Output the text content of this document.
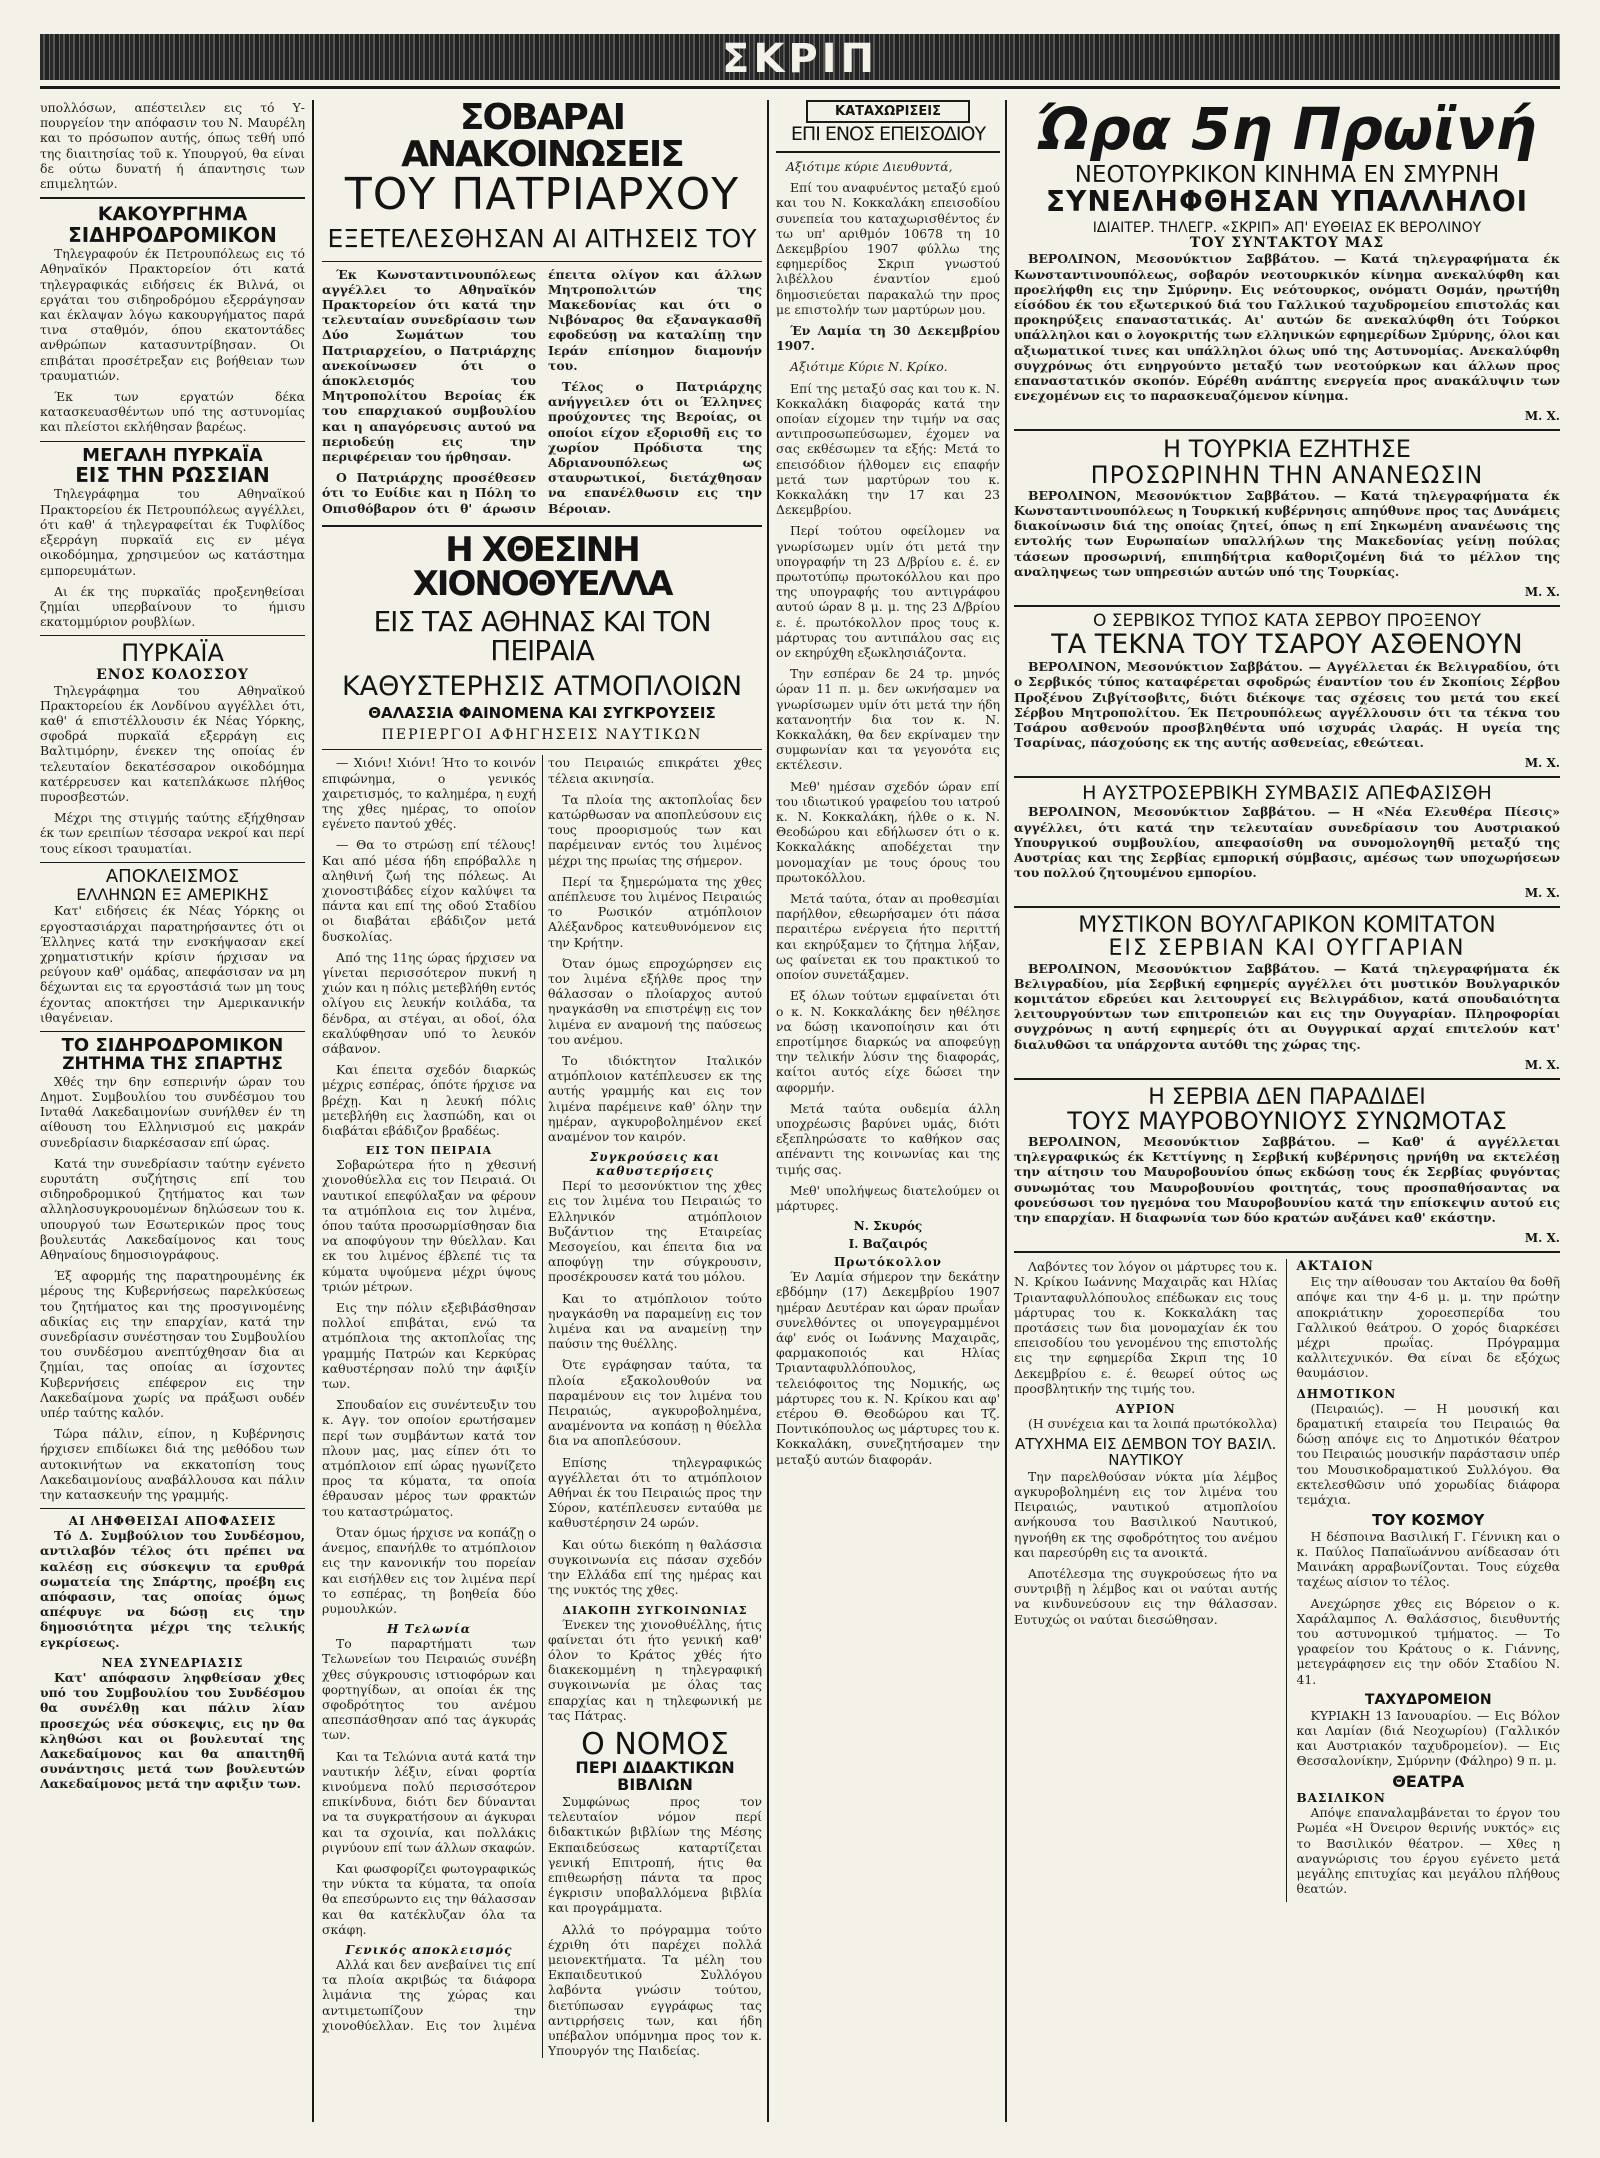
ΣΚΡΙΠ

υπολλόσων, απέστειλεν εις τό Υ-πουργείον την απόφασιν του Ν. Μαυρέλη και το πρόσωπον αυτής, όπως τεθή υπό της διαιτησίας τοῦ κ. Υπουργού, θα είναι δε ούτω δυνατή ή άπαντησις των επιμελητών.

ΚΑΚΟΥΡΓΗΜΑ
ΣΙΔΗΡΟΔΡΟΜΙΚΟΝ

Τηλεγραφούν έκ Πετρουπόλεως εις τό Αθηναϊκόν Πρακτορείον ότι κατά τηλεγραφικάς ειδήσεις έκ Βιλνά, οι εργάται του σιδηροδρόμου εξερράγησαν και έκλαψαν λόγω κακουργήματος παρά τινα σταθμόν, όπου εκατοντάδες ανθρώπων κατασυντρίβησαν. Οι επιβάται προσέτρεξαν εις βοήθειαν των τραυματιών.

Έκ των εργατών δέκα κατασκευασθέντων υπό της αστυνομίας και πλείστοι εκλήθησαν βαρέως.

ΜΕΓΑΛΗ ΠΥΡΚΑΪΑ
ΕΙΣ ΤΗΝ ΡΩΣΣΙΑΝ

Τηλεγράφημα του Αθηναϊκού Πρακτορείου έκ Πετρουπόλεως αγγέλλει, ότι καθ' ά τηλεγραφείται έκ Τυφλίδος εξερράγη πυρκαϊά εις εν μέγα οικοδόμημα, χρησιμεύον ως κατάστημα εμπορευμάτων.

Αι έκ της πυρκαϊάς προξενηθείσαι ζημίαι υπερβαίνουν το ήμισυ εκατομμύριον ρουβλίων.

ΠΥΡΚΑΪΑ
ΕΝΟΣ ΚΟΛΟΣΣΟΥ

Τηλεγράφημα του Αθηναϊκού Πρακτορείου έκ Λονδίνου αγγέλλει ότι, καθ' ά επιστέλλουσιν έκ Νέας Υόρκης, σφοδρά πυρκαϊά εξερράγη εις Βαλτιμόρην, ένεκεν της οποίας έν τελευταίον δεκατέσσαρον οικοδόμημα κατέρρευσεν και κατεπλάκωσε πλήθος πυροσβεστών.

Μέχρι της στιγμής ταύτης εξήχθησαν έκ των ερειπίων τέσσαρα νεκροί και περί τους είκοσι τραυματίαι.

ΑΠΟΚΛΕΙΣΜΟΣ
ΕΛΛΗΝΩΝ ΕΞ ΑΜΕΡΙΚΗΣ

Κατ' ειδήσεις έκ Νέας Υόρκης οι εργοστασιάρχαι παρατηρήσαντες ότι οι Έλληνες κατά την ενσκήψασαν εκεί χρηματιστικήν κρίσιν ήρχισαν να ρεύγουν καθ' ομάδας, απεφάσισαν να μη δέχωνται εις τα εργοστάσιά των μη τους έχοντας αποκτήσει την Αμερικανικήν ιθαγένειαν.

ΤΟ ΣΙΔΗΡΟΔΡΟΜΙΚΟΝ
ΖΗΤΗΜΑ ΤΗΣ ΣΠΑΡΤΗΣ

Χθές την 6ην εσπερινήν ώραν του Δημοτ. Συμβουλίου του συνδέσμου του Ινταθά Λακεδαιμονίων συνήλθεν έν τη αίθουση του Ελληνισμού εις μακράν συνεδρίασιν διαρκέσασαν επί ώρας.

Κατά την συνεδρίασιν ταύτην εγένετο ευρυτάτη συζήτησις επί του σιδηροδρομικού ζητήματος και των αλληλοσυγκρουομένων δηλώσεων του κ. υπουργού των Εσωτερικών προς τους βουλευτάς Λακεδαίμονος και τους Αθηναίους δημοσιογράφους.

Έξ αφορμής της παρατηρουμένης έκ μέρους της Κυβερνήσεως παρελκύσεως του ζητήματος και της προσγινομένης αδικίας εις την επαρχίαν, κατά την συνεδρίασιν συνέστησαν του Συμβουλίου του συνδέσμου ανεπτύχθησαν δια αι ζημίαι, τας οποίας αι ίσχοντες Κυβερνήσεις επέφερον εις την Λακεδαίμονα χωρίς να πράξωσι ουδέν υπέρ ταύτης καλόν.

Τώρα πάλιν, είπον, η Κυβέρνησις ήρχισεν επιδίωκει διά της μεθόδου των αυτοκινήτων να εκκατοπίση τους Λακεδαιμονίους αναβάλλουσα και πάλιν την κατασκευήν της γραμμής.

ΑΙ ΛΗΦΘΕΙΣΑΙ ΑΠΟΦΑΣΕΙΣ

Τό Δ. Συμβούλιον του Συνδέσμου, αντιλαβόν τέλος ότι πρέπει να καλέσῃ εις σύσκεψιν τα ερυθρά σωματεία της Σπάρτης, προέβη εις απόφασιν, τας οποίας όμως απέφυγε να δώσῃ εις την δημοσιότητα μέχρι της τελικής εγκρίσεως.

ΝΕΑ ΣΥΝΕΔΡΙΑΣΙΣ

Κατ' απόφασιν ληφθείσαν χθες υπό του Συμβουλίου του Συνδέσμου θα συνέλθῃ και πάλιν λίαν προσεχώς νέα σύσκεψις, εις ην θα κληθώσι και οι βουλευταί της Λακεδαίμονος και θα απαιτηθῆ συνάντησις μετά των βουλευτών Λακεδαίμονος μετά την αφιξιν των.

ΣΟΒΑΡΑΙ ΑΝΑΚΟΙΝΩΣΕΙΣ
ΤΟΥ ΠΑΤΡΙΑΡΧΟΥ
ΕΞΕΤΕΛΕΣΘΗΣΑΝ ΑΙ ΑΙΤΗΣΕΙΣ ΤΟΥ

Έκ Κωνσταντινουπόλεως αγγέλλει το Αθηναϊκόν Πρακτορείον ότι κατά την τελευταίαν συνεδρίασιν των Δύο Σωμάτων του Πατριαρχείου, ο Πατριάρχης ανεκοίνωσεν ότι ο άποκλεισμός του Μητροπολίτου Βεροίας έκ του επαρχιακού συμβουλίου και η απαγόρευσις αυτού να περιοδεύῃ εις την περιφέρειαν του ήρθησαν.

Ο Πατριάρχης προσέθεσεν ότι το Ευίδιε και η Πόλη το Οπισθόβαρον ότι θ' άρωσιν έπειτα ολίγον και άλλων Μητροπολιτών της Μακεδονίας και ότι ο Νιβόναρος θα εξαναγκασθῆ εφοδεύσῃ να καταλίπῃ την Ιεράν επίσημον διαμονήν του.

Τέλος ο Πατριάρχης ανήγγειλεν ότι οι Έλληνες προύχοντες της Βεροίας, οι οποίοι είχον εξορισθῆ εις το χωρίον Πρόδιστα της Αδριανουπόλεως ως σταυρωτικοί, διετάχθησαν να επανέλθωσιν εις την Βέροιαν.

Η ΧΘΕΣΙΝΗ ΧΙΟΝΟΘΥΕΛΛΑ
ΕΙΣ ΤΑΣ ΑΘΗΝΑΣ ΚΑΙ ΤΟΝ ΠΕΙΡΑΙΑ
ΚΑΘΥΣΤΕΡΗΣΙΣ ΑΤΜΟΠΛΟΙΩΝ
ΘΑΛΑΣΣΙΑ ΦΑΙΝΟΜΕΝΑ ΚΑΙ ΣΥΓΚΡΟΥΣΕΙΣ
ΠΕΡΙΕΡΓΟΙ ΑΦΗΓΗΣΕΙΣ ΝΑΥΤΙΚΩΝ

— Χιόνι! Χιόνι! Ήτο το κοινόν επιφώνημα, ο γενικός χαιρετισμός, το καλημέρα, η ευχή της χθες ημέρας, το οποίον εγένετο παντού χθές.

— Θα το στρώσῃ επί τέλους! Και από μέσα ήδη επρόβαλλε η αληθινή ζωή της πόλεως. Αι χιονοστιβάδες είχον καλύψει τα πάντα και επί της οδού Σταδίου οι διαβάται εβάδιζον μετά δυσκολίας.

Από της 11ης ώρας ήρχισεν να γίνεται περισσότερον πυκνή η χιών και η πόλις μετεβλήθη εντός ολίγου εις λευκήν κοιλάδα, τα δένδρα, αι στέγαι, αι οδοί, όλα εκαλύφθησαν υπό το λευκόν σάβανον.

Και έπειτα σχεδόν διαρκώς μέχρις εσπέρας, όπότε ήρχισε να βρέχῃ. Και η λευκή πόλις μετεβλήθη εις λασπώδη, και οι διαβάται εβάδιζον βραδέως.

ΕΙΣ ΤΟΝ ΠΕΙΡΑΙΑ

Σοβαρώτερα ήτο η χθεσινή χιονοθύελλα εις τον Πειραιά. Οι ναυτικοί επεφύλαξαν να φέρουν τα ατμόπλοια εις τον λιμένα, όπου ταύτα προσωρμίσθησαν δια να αποφύγουν την θύελλαν. Και εκ του λιμένος έβλεπέ τις τα κύματα υψούμενα μέχρι ύψους τριών μέτρων.

Εις την πόλιν εξεβιβάσθησαν πολλοί επιβάται, ενώ τα ατμόπλοια της ακτοπλοΐας της γραμμής Πατρών και Κερκύρας καθυστέρησαν πολύ την άφιξίν των.

Σπουδαίον εις συνέντευξιν του κ. Αγγ. τον οποίον ερωτήσαμεν περί των συμβάντων κατά τον πλουν μας, μας είπεν ότι το ατμόπλοιον επί ώρας ηγωνίζετο προς τα κύματα, τα οποία έθραυσαν μέρος των φρακτών του καταστρώματος.

Όταν όμως ήρχισε να κοπάζῃ ο άνεμος, επανήλθε το ατμόπλοιον εις την κανονικήν του πορείαν και εισήλθεν εις τον λιμένα περί το εσπέρας, τη βοηθεία δύο ρυμουλκών.

Η Τελωνία

Το παραρτήματι των Τελωνείων του Πειραιώς συνέβη χθες σύγκρουσις ιστιοφόρων και φορτηγίδων, αι οποίαι έκ της σφοδρότητος του ανέμου απεσπάσθησαν από τας άγκυράς των.

Και τα Τελώνια αυτά κατά την ναυτικήν λέξιν, είναι φορτία κινούμενα πολύ περισσότερον επικίνδυνα, διότι δεν δύνανται να τα συγκρατήσουν αι άγκυραι και τα σχοινία, και πολλάκις ριγνύουν επί των άλλων σκαφών.

Και φωσφορίζει φωτογραφικώς την νύκτα τα κύματα, τα οποία θα επεσύρωντο εις την θάλασσαν και θα κατέκλυζαν όλα τα σκάφη.

Γενικός αποκλεισμός

Αλλά και δεν ανεβαίνει τις επί τα πλοία ακριβώς τα διάφορα λιμάνια της χώρας και αντιμετωπίζουν την χιονοθύελλαν. Εις τον λιμένα του Πειραιώς επικράτει χθες τέλεια ακινησία.

Τα πλοία της ακτοπλοΐας δεν κατώρθωσαν να αποπλεύσουν εις τους προορισμούς των και παρέμειναν εντός του λιμένος μέχρι της πρωίας της σήμερον.

Περί τα ξημερώματα της χθες απέπλευσε του λιμένος Πειραιώς το Ρωσικόν ατμόπλοιον Αλέξανδρος κατευθυνόμενον εις την Κρήτην.

Όταν όμως επροχώρησεν εις τον λιμένα εξήλθε προς την θάλασσαν ο πλοίαρχος αυτού ηναγκάσθη να επιστρέψῃ εις τον λιμένα εν αναμονή της παύσεως του ανέμου.

Το ιδιόκτητον Ιταλικόν ατμόπλοιον κατέπλευσεν εκ της αυτής γραμμής και εις τον λιμένα παρέμεινε καθ' όλην την ημέραν, αγκυροβολημένον εκεί αναμένον τον καιρόν.

Συγκρούσεις και καθυστερήσεις

Περί το μεσονύκτιον της χθες εις τον λιμένα του Πειραιώς το Ελληνικόν ατμόπλοιον Βυζάντιον της Εταιρείας Μεσογείου, και έπειτα δια να αποφύγῃ την σύγκρουσιν, προσέκρουσεν κατά του μόλου.

Και το ατμόπλοιον τούτο ηναγκάσθη να παραμείνῃ εις τον λιμένα και να αναμείνῃ την παύσιν της θυέλλης.

Ότε εγράφησαν ταύτα, τα πλοία εξακολουθούν να παραμένουν εις τον λιμένα του Πειραιώς, αγκυροβολημένα, αναμένοντα να κοπάσῃ η θύελλα δια να αποπλεύσουν.

Επίσης τηλεγραφικώς αγγέλλεται ότι το ατμόπλοιον Αθήναι έκ του Πειραιώς προς την Σύρον, κατέπλευσεν ενταύθα με καθυστέρησιν 24 ωρών.

Και ούτω διεκόπη η θαλάσσια συγκοινωνία εις πάσαν σχεδόν την Ελλάδα επί της ημέρας και της νυκτός της χθες.

ΔΙΑΚΟΠΗ ΣΥΓΚΟΙΝΩΝΙΑΣ

Ένεκεν της χιονοθυέλλης, ήτις φαίνεται ότι ήτο γενική καθ' όλον το Κράτος χθές ήτο διακεκομμένη η τηλεγραφική συγκοινωνία με όλας τας επαρχίας και η τηλεφωνική με τας Πάτρας.

Ο ΝΟΜΟΣ
ΠΕΡΙ ΔΙΔΑΚΤΙΚΩΝ ΒΙΒΛΙΩΝ

Συμφώνως προς τον τελευταίον νόμον περί διδακτικών βιβλίων της Μέσης Εκπαιδεύσεως καταρτίζεται γενική Επιτροπή, ήτις θα επιθεωρήσῃ πάντα τα προς έγκρισιν υποβαλλόμενα βιβλία και προγράμματα.

Αλλά το πρόγραμμα τούτο έχριθη ότι παρέχει πολλά μειονεκτήματα. Τα μέλη του Εκπαιδευτικού Συλλόγου λαβόντα γνώσιν τούτου, διετύπωσαν εγγράφως τας αντιρρήσεις των, και ήδη υπέβαλον υπόμνημα προς τον κ. Υπουργόν της Παιδείας.

ΚΑΤΑΧΩΡΙΣΕΙΣ
ΕΠΙ ΕΝΟΣ ΕΠΕΙΣΟΔΙΟΥ

Αξιότιμε κύριε Διευθυντά,

Επί του αναφυέντος μεταξύ εμού και του Ν. Κοκκαλάκη επεισοδίου συνεπεία του καταχωρισθέντος έν τω υπ' αριθμόν 10678 τη 10 Δεκεμβρίου 1907 φύλλω της εφημερίδος Σκριπ γνωστού λιβέλλου έναντίον εμού δημοσιεύεται παρακαλώ την προς με επιστολήν των μαρτύρων μου.

Έν Λαμία τη 30 Δεκεμβρίου 1907.

Αξιότιμε Κύριε Ν. Κρίκο.

Επί της μεταξύ σας και του κ. Ν. Κοκκαλάκη διαφοράς κατά την οποίαν είχομεν την τιμήν να σας αντιπροσωπεύσωμεν, έχομεν να σας εκθέσωμεν τα εξής: Μετά το επεισόδιον ήλθομεν εις επαφήν μετά των μαρτύρων του κ. Κοκκαλάκη την 17 και 23 Δεκεμβρίου.

Περί τούτου οφείλομεν να γνωρίσωμεν υμίν ότι μετά την υπογραφήν τη 23 Δ/βρίου ε. έ. εν πρωτοτύπῳ πρωτοκόλλου και προ της υπογραφής του αντιγράφου αυτού ώραν 8 μ. μ. της 23 Δ/βρίου ε. έ. πρωτόκολλον προς τους κ. μάρτυρας του αντιπάλου σας εις ον εκηρύχθη εξωκλησιάζοντα.

Την εσπέραν δε 24 τρ. μηνός ώραν 11 π. μ. δεν ωκνήσαμεν να γνωρίσωμεν υμίν ότι μετά την ήδη κατανοητήν δια τον κ. Ν. Κοκκαλάκη, θα δεν εκρίναμεν την συμφωνίαν και τα γεγονότα εις εκτέλεσιν.

Μεθ' ημέσαν σχεδόν ώραν επί του ιδιωτικού γραφείου του ιατρού κ. Ν. Κοκκαλάκη, ήλθε ο κ. Ν. Θεοδώρου και εδήλωσεν ότι ο κ. Κοκκαλάκης αποδέχεται την μονομαχίαν με τους όρους του πρωτοκόλλου.

Μετά ταύτα, όταν αι προθεσμίαι παρήλθον, εθεωρήσαμεν ότι πάσα περαιτέρω ενέργεια ήτο περιττή και εκηρύξαμεν το ζήτημα λήξαν, ως φαίνεται εκ του πρακτικού το οποίον συνετάξαμεν.

Εξ όλων τούτων εμφαίνεται ότι ο κ. Ν. Κοκκαλάκης δεν ηθέλησε να δώσῃ ικανοποίησιν και ότι επροτίμησε διαρκώς να αποφεύγῃ την τελικήν λύσιν της διαφοράς, καίτοι αυτός είχε δώσει την αφορμήν.

Μετά ταύτα ουδεμία άλλη υποχρέωσις βαρύνει υμάς, διότι εξεπληρώσατε το καθήκον σας απέναντι της κοινωνίας και της τιμής σας.

Μεθ' υπολήψεως διατελούμεν οι μάρτυρες.

Ν. Σκυρός

Ι. Βαζαιρός

Πρωτόκολλον

Έν Λαμία σήμερον την δεκάτην εβδόμην (17) Δεκεμβρίου 1907 ημέραν Δευτέραν και ώραν πρωΐαν συνελθόντες οι υπογεγραμμένοι άφ' ενός οι Ιωάννης Μαχαιρᾶς, φαρμακοποιός και Ηλίας Τριανταφυλλόπουλος, τελειόφοιτος της Νομικής, ως μάρτυρες του κ. Ν. Κρίκου και αφ' ετέρου Θ. Θεοδώρου και Τζ. Ποντικόπουλος ως μάρτυρες του κ. Κοκκαλάκη, συνεζητήσαμεν την μεταξύ αυτών διαφοράν.

Ώρα 5η Πρωϊνή
ΝΕΟΤΟΥΡΚΙΚΟΝ ΚΙΝΗΜΑ ΕΝ ΣΜΥΡΝΗ
ΣΥΝΕΛΗΦΘΗΣΑΝ ΥΠΑΛΛΗΛΟΙ
ΙΔΙΑΙΤΕΡ. ΤΗΛΕΓΡ. «ΣΚΡΙΠ» ΑΠ' ΕΥΘΕΙΑΣ ΕΚ ΒΕΡΟΛΙΝΟΥ
ΤΟΥ ΣΥΝΤΑΚΤΟΥ ΜΑΣ

ΒΕΡΟΛΙΝΟΝ, Μεσονύκτιον Σαββάτου. — Κατά τηλεγραφήματα έκ Κωνσταντινουπόλεως, σοβαρόν νεοτουρκικόν κίνημα ανεκαλύφθη και προελήφθη εις την Σμύρνην. Εις νεότουρκος, ονόματι Οσμάν, ηρωτήθη είσόδου έκ του εξωτερικού διά του Γαλλικού ταχυδρομείου επιστολάς και προκηρύξεις επαναστατικάς. Αι' αυτών δε ανεκαλύφθη ότι Τούρκοι υπάλληλοι και ο λογοκριτής των ελληνικών εφημερίδων Σμύρνης, όλοι και αξιωματικοί τινες και υπάλληλοι όλως υπό της Αστυνομίας. Ανεκαλύφθη συγχρόνως ότι ενηργούντο μεταξύ των νεοτούρκων και άλλων προς επαναστατικόν σκοπόν. Εύρέθη ανάπτης ενεργεία προς ανακάλυψιν των ενεχομένων εις το παρασκευαζόμενον κίνημα.

Μ. Χ.

Η ΤΟΥΡΚΙΑ ΕΖΗΤΗΣΕ
ΠΡΟΣΩΡΙΝΗΝ ΤΗΝ ΑΝΑΝΕΩΣΙΝ

ΒΕΡΟΛΙΝΟΝ, Μεσονύκτιον Σαββάτου. — Κατά τηλεγραφήματα έκ Κωνσταντινουπόλεως η Τουρκική κυβέρνησις απηύθυνε προς τας Δυνάμεις διακοίνωσιν διά της οποίας ζητεί, όπως η επί Σηκωμένη ανανέωσις της εντολής των Ευρωπαίων υπαλλήλων της Μακεδονίας γείνῃ πούλας τάσεων προσωρινή, επιπηδήτρια καθοριζομένη διά το μέλλον της αναληψεως των υπηρεσιών αυτών υπό της Τουρκίας.

Μ. Χ.

Ο ΣΕΡΒΙΚΟΣ ΤΥΠΟΣ ΚΑΤΑ ΣΕΡΒΟΥ ΠΡΟΞΕΝΟΥ
ΤΑ ΤΕΚΝΑ ΤΟΥ ΤΣΑΡΟΥ ΑΣΘΕΝΟΥΝ

ΒΕΡΟΛΙΝΟΝ, Μεσονύκτιον Σαββάτου. — Αγγέλλεται έκ Βελιγραδίου, ότι ο Σερβικός τύπος καταφέρεται σφοδρώς έναντίον του έν Σκοπίοις Σέρβου Προξένου Ζιβγίτσοβιτς, διότι διέκοψε τας σχέσεις του μετά του εκεί Σέρβου Μητροπολίτου. Έκ Πετρουπόλεως αγγέλλουσιν ότι τα τέκνα του Τσάρου ασθενούν προσβληθέντα υπό ισχυράς ιλαράς. Η υγεία της Τσαρίνας, πάσχούσης εκ της αυτής ασθενείας, εθεώτεαι.

Μ. Χ.

Η ΑΥΣΤΡΟΣΕΡΒΙΚΗ ΣΥΜΒΑΣΙΣ ΑΠΕΦΑΣΙΣΘΗ

ΒΕΡΟΛΙΝΟΝ, Μεσονύκτιον Σαββάτου. — Η «Νέα Ελευθέρα Πίεσις» αγγέλλει, ότι κατά την τελευταίαν συνεδρίασιν του Αυστριακού Υπουργικού συμβουλίου, απεφασίσθη να συνομολογηθῆ μεταξύ της Αυστρίας και της Σερβίας εμπορική σύμβασις, αμέσως των υποχωρήσεων του πολλού ζητουμένου εμπορίου.

Μ. Χ.

ΜΥΣΤΙΚΟΝ ΒΟΥΛΓΑΡΙΚΟΝ ΚΟΜΙΤΑΤΟΝ
ΕΙΣ ΣΕΡΒΙΑΝ ΚΑΙ ΟΥΓΓΑΡΙΑΝ

ΒΕΡΟΛΙΝΟΝ, Μεσονύκτιον Σαββάτου. — Κατά τηλεγραφήματα έκ Βελιγραδίου, μία Σερβική εφημερίς αγγέλλει ότι μυστικόν Βουλγαρικόν κομιτάτον εδρεύει και λειτουργεί εις Βελιγράδιον, κατά σπουδαιότητα λειτουργούντων των επιτροπειών και εις την Ουγγαρίαν. Πληροφορίαι συγχρόνως η αυτή εφημερίς ότι αι Ουγγρικαί αρχαί επιτελούν κατ' διαλυθῶσι τα υπάρχοντα αυτόθι της χώρας της.

Μ. Χ.

Η ΣΕΡΒΙΑ ΔΕΝ ΠΑΡΑΔΙΔΕΙ
ΤΟΥΣ ΜΑΥΡΟΒΟΥΝΙΟΥΣ ΣΥΝΩΜΟΤΑΣ

ΒΕΡΟΛΙΝΟΝ, Μεσονύκτιον Σαββάτου. — Καθ' ά αγγέλλεται τηλεγραφικώς έκ Κεττίγνης η Σερβική κυβέρνησις ηρνήθη να εκτελέσῃ την αίτησιν του Μαυροβουνίου όπως εκδώσῃ τους έκ Σερβίας φυγόντας συνωμότας του Μαυροβουνίου φοιτητάς, τους προσπαθήσαντας να φονεύσωσι τον ηγεμόνα του Μαυροβουνίου κατά την επίσκεψιν αυτού εις την επαρχίαν. Η διαφωνία των δύο κρατών αυξάνει καθ' εκάστην.

Μ. Χ.

Λαβόντες τον λόγον οι μάρτυρες του κ. Ν. Κρίκου Ιωάννης Μαχαιρᾶς και Ηλίας Τριανταφυλλόπουλος επέδωκαν εις τους μάρτυρας του κ. Κοκκαλάκη τας προτάσεις των δια μονομαχίαν έκ του επεισοδίου του γενομένου της επιστολής εις την εφημερίδα Σκριπ της 10 Δεκεμβρίου ε. έ. θεωρεί ούτος ως προσβλητικήν της τιμής του.

ΑΥΡΙΟΝ

(Η συνέχεια και τα λοιπά πρωτόκολλα)

ΑΤΥΧΗΜΑ ΕΙΣ ΔΕΜΒΟΝ ΤΟΥ ΒΑΣΙΛ. ΝΑΥΤΙΚΟΥ

Την παρελθούσαν νύκτα μία λέμβος αγκυροβολημένη εις τον λιμένα του Πειραιώς, ναυτικού ατμοπλοίου ανήκουσα του Βασιλικού Ναυτικού, ηγνοήθη εκ της σφοδρότητος του ανέμου και παρεσύρθη εις τα ανοικτά.

Αποτέλεσμα της συγκρούσεως ήτο να συντριβῇ η λέμβος και οι ναύται αυτής να κινδυνεύσουν εις την θάλασσαν. Ευτυχώς οι ναύται διεσώθησαν.

ΑΚΤΑΙΟΝ

Εις την αίθουσαν του Ακταίου θα δοθῆ απόψε και την 4-6 μ. μ. την πρώτην αποκριάτικην χοροεσπερίδα του Γαλλικού θεάτρου. Ο χορός διαρκέσει μέχρι πρωΐας. Πρόγραμμα καλλιτεχνικόν. Θα είναι δε εξόχως θαυμάσιον.

ΔΗΜΟΤΙΚΟΝ

(Πειραιώς). — Η μουσική και δραματική εταιρεία του Πειραιώς θα δώσῃ απόψε εις το Δημοτικόν θέατρον του Πειραιώς μουσικήν παράστασιν υπέρ του Μουσικοδραματικού Συλλόγου. Θα εκτελεσθῶσιν υπό χορωδίας διάφορα τεμάχια.

ΤΟΥ ΚΟΣΜΟΥ

Η δέσποινα Βασιλική Γ. Γέννικη και ο κ. Παύλος Παπαϊωάννου ανίδεασαν ότι Μαινάκη αρραβωνίζονται. Τους εύχεθα ταχέως αίσιον το τέλος.

Ανεχώρησε χθες εις Βόρειον ο κ. Χαράλαμπος Λ. Θαλάσσιος, διευθυντής του αστυνομικού τμήματος. — Το γραφείον του Κράτους ο κ. Γιάννης, μετεγράφησεν εις την οδόν Σταδίου Ν. 41.

ΤΑΧΥΔΡΟΜΕΙΟΝ

ΚΥΡΙΑΚΗ 13 Ιανουαρίου. — Εις Βόλον και Λαμίαν (διά Νεοχωρίου) (Γαλλικόν και Αυστριακόν ταχυδρομείον). — Εις Θεσσαλονίκην, Σμύρνην (Φάληρο) 9 π. μ.

ΘΕΑΤΡΑ
ΒΑΣΙΛΙΚΟΝ

Απόψε επαναλαμβάνεται το έργον του Ρωμέα «Η Όνειρον θερινής νυκτός» εις το Βασιλικόν θέατρον. — Χθες η αναγνώρισις του έργου εγένετο μετά μεγάλης επιτυχίας και μεγάλου πλήθους θεατών.
